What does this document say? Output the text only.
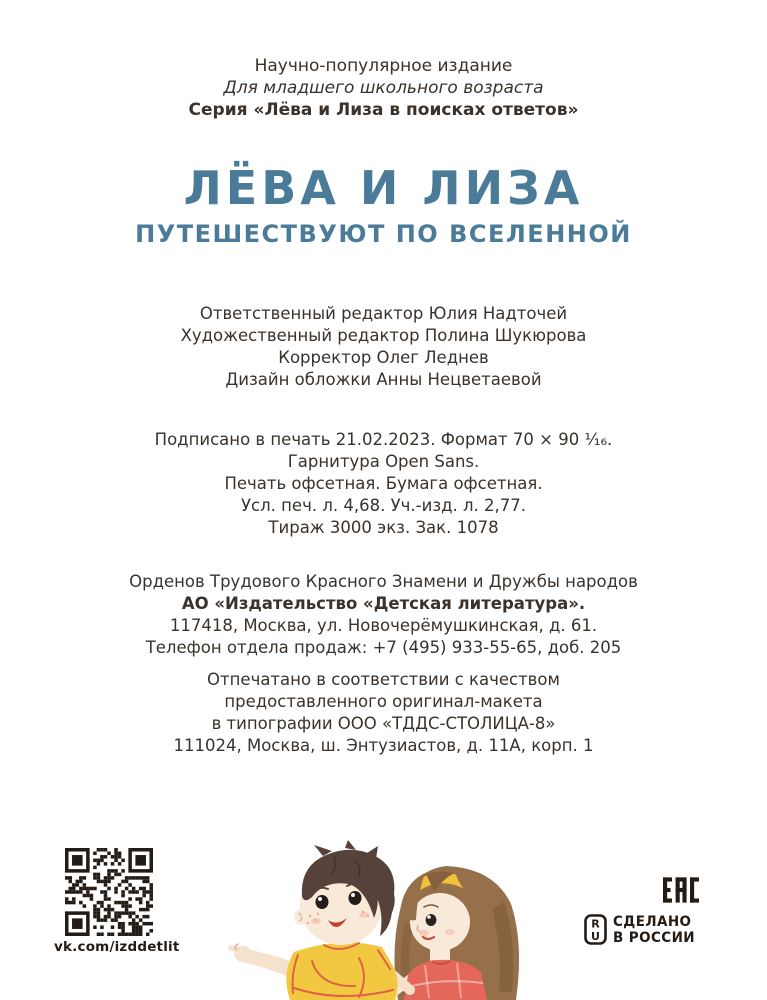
Научно-популярное издание
Для младшего школьного возраста
Серия «Лёва и Лиза в поисках ответов»
ЛЁВА И ЛИЗА
ПУТЕШЕСТВУЮТ ПО ВСЕЛЕННОЙ
Ответственный редактор Юлия Надточей
Художественный редактор Полина Шукюрова
Корректор Олег Леднев
Дизайн обложки Анны Нецветаевой
Подписано в печать 21.02.2023. Формат 70 × 90 ¹⁄₁₆.
Гарнитура Open Sans.
Печать офсетная. Бумага офсетная.
Усл. печ. л. 4,68. Уч.-изд. л. 2,77.
Тираж 3000 экз. Зак. 1078
Орденов Трудового Красного Знамени и Дружбы народов
АО «Издательство «Детская литература».
117418, Москва, ул. Новочерёмушкинская, д. 61.
Телефон отдела продаж: +7 (495) 933-55-65, доб. 205
Отпечатано в соответствии с качеством
предоставленного оригинал-макета
в типографии ООО «ТДДС-СТОЛИЦА-8»
111024, Москва, ш. Энтузиастов, д. 11А, корп. 1
vk.com/izddetlit
R
U
СДЕЛАНО
В РОССИИ
